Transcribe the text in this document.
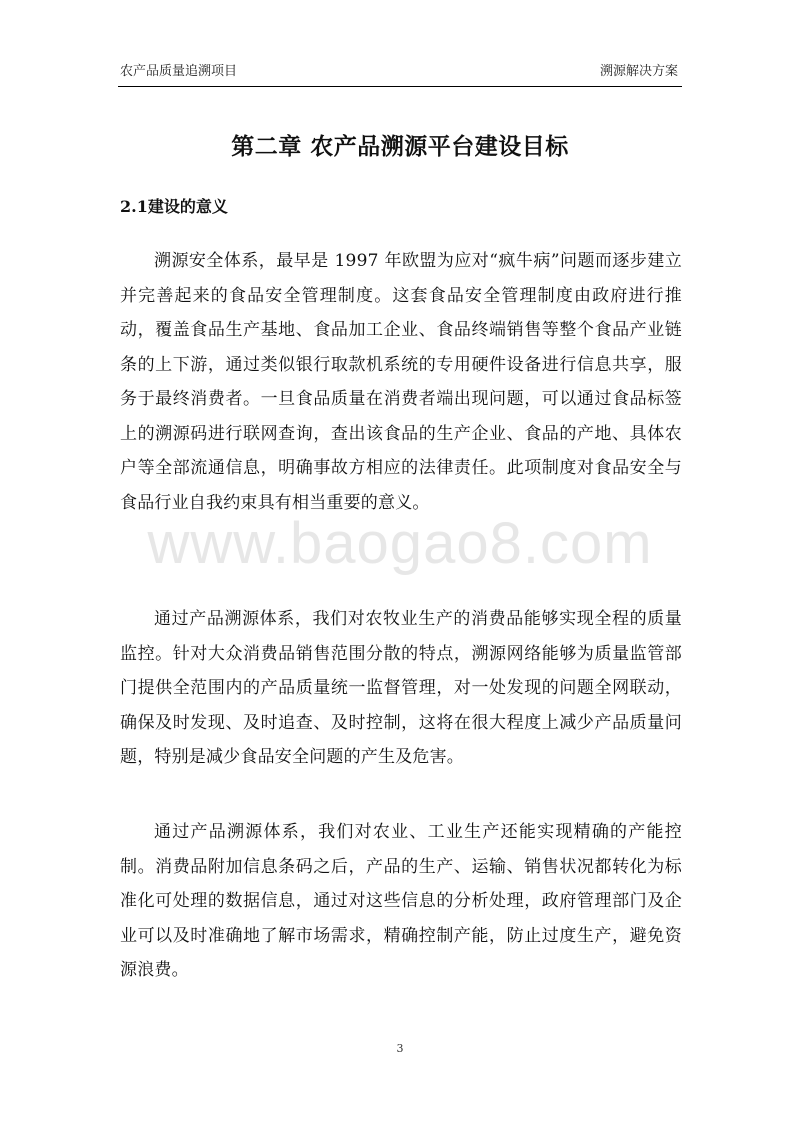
农产品质量追溯项目	溯源解决方案
第二章 农产品溯源平台建设目标
2.1建设的意义

溯源安全体系，最早是 1997 年欧盟为应对“疯牛病”问题而逐步建立并完善起来的食品安全管理制度。这套食品安全管理制度由政府进行推动，覆盖食品生产基地、食品加工企业、食品终端销售等整个食品产业链条的上下游，通过类似银行取款机系统的专用硬件设备进行信息共享，服务于最终消费者。一旦食品质量在消费者端出现问题，可以通过食品标签上的溯源码进行联网查询，查出该食品的生产企业、食品的产地、具体农户等全部流通信息，明确事故方相应的法律责任。此项制度对食品安全与食品行业自我约束具有相当重要的意义。

通过产品溯源体系，我们对农牧业生产的消费品能够实现全程的质量监控。针对大众消费品销售范围分散的特点，溯源网络能够为质量监管部门提供全范围内的产品质量统一监督管理，对一处发现的问题全网联动，确保及时发现、及时追查、及时控制，这将在很大程度上减少产品质量问题，特别是减少食品安全问题的产生及危害。

通过产品溯源体系，我们对农业、工业生产还能实现精确的产能控制。消费品附加信息条码之后，产品的生产、运输、销售状况都转化为标准化可处理的数据信息，通过对这些信息的分析处理，政府管理部门及企业可以及时准确地了解市场需求，精确控制产能，防止过度生产，避免资源浪费。

www.baogao8.com
3
